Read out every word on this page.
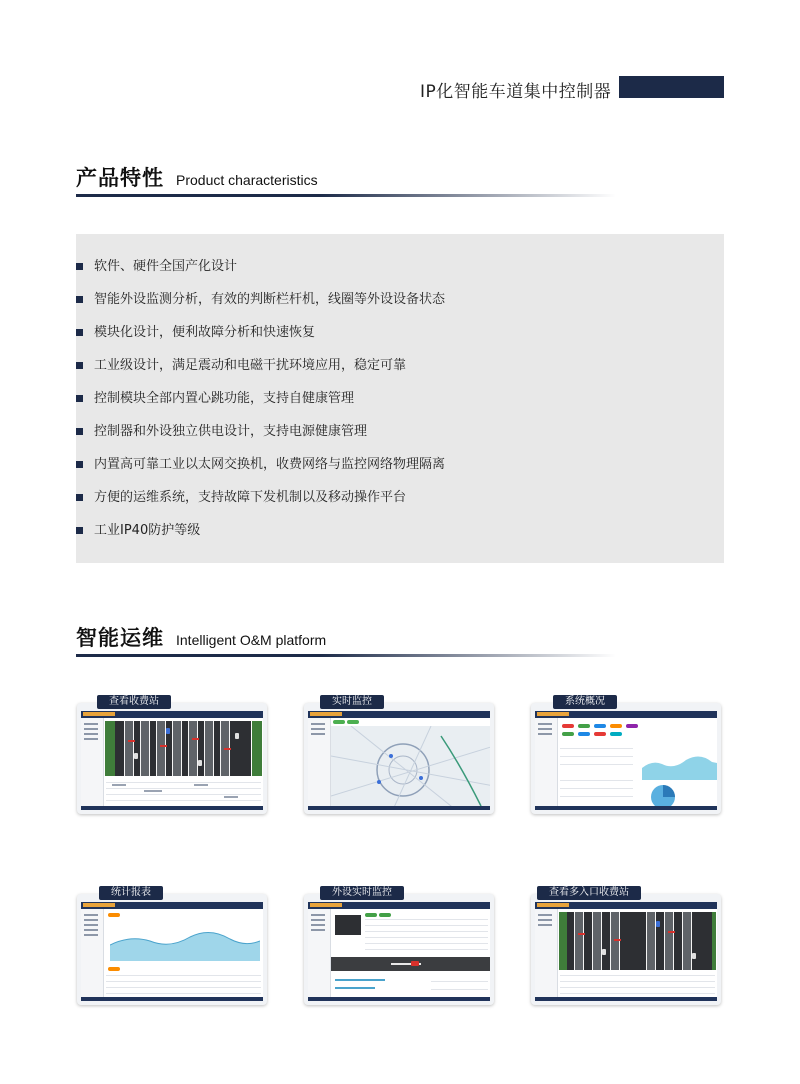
IP化智能车道集中控制器
产品特性 Product characteristics
软件、硬件全国产化设计
智能外设监测分析，有效的判断栏杆机，线圈等外设设备状态
模块化设计，便利故障分析和快速恢复
工业级设计，满足震动和电磁干扰环境应用，稳定可靠
控制模块全部内置心跳功能，支持自健康管理
控制器和外设独立供电设计，支持电源健康管理
内置高可靠工业以太网交换机，收费网络与监控网络物理隔离
方便的运维系统，支持故障下发机制以及移动操作平台
工业IP40防护等级
智能运维 Intelligent O&M platform
查看收费站	实时监控	系统概况
统计报表	外设实时监控	查看多入口收费站
